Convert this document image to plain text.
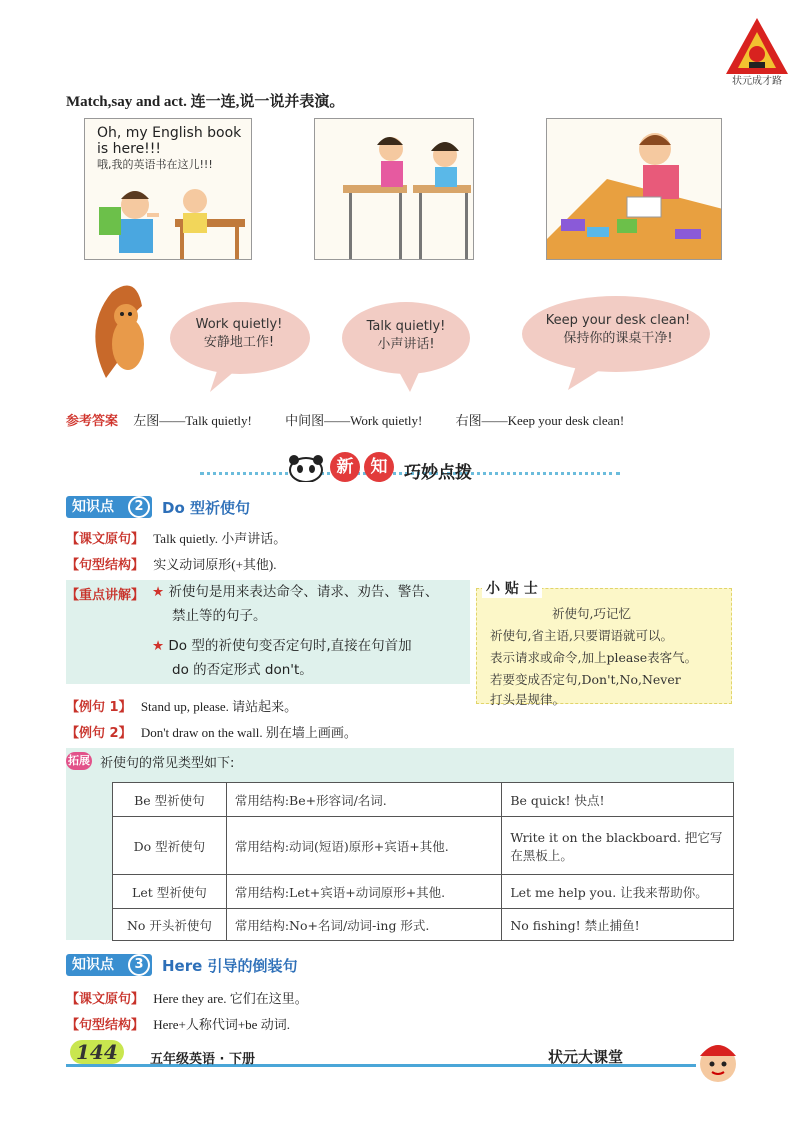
状元成才路
Match,say and act. 连一连,说一说并表演。
Oh, my English book is here!!!
哦,我的英语书在这儿!!!
Work quietly!
安静地工作!
Talk quietly!
小声讲话!
Keep your desk clean!
保持你的课桌干净!
参考答案 左图——Talk quietly!	中间图——Work quietly!	右图——Keep your desk clean!
新	知 巧妙点拨
知识点	2	Do 型祈使句
【课文原句】 Talk quietly. 小声讲话。
【句型结构】 实义动词原形(+其他).
【重点讲解】 ★ 祈使句是用来表达命令、请求、劝告、警告、
禁止等的句子。
★ Do 型的祈使句变否定句时,直接在句首加
do 的否定形式 don't。
小 贴 士
祈使句,巧记忆
祈使句,省主语,只要谓语就可以。
表示请求或命令,加上please表客气。
若要变成否定句,Don't,No,Never
打头是规律。
【例句 1】 Stand up, please. 请站起来。
【例句 2】 Don't draw on the wall. 别在墙上画画。
拓展 祈使句的常见类型如下:
Be 型祈使句	常用结构:Be+形容词/名词.	Be quick! 快点!
Do 型祈使句	常用结构:动词(短语)原形+宾语+其他.	Write it on the blackboard. 把它写在黑板上。
Let 型祈使句	常用结构:Let+宾语+动词原形+其他.	Let me help you. 让我来帮助你。
No 开头祈使句	常用结构:No+名词/动词-ing 形式.	No fishing! 禁止捕鱼!
知识点	3	Here 引导的倒装句
【课文原句】 Here they are. 它们在这里。
【句型结构】 Here+人称代词+be 动词.
144	五年级英语 · 下册	状元大课堂
